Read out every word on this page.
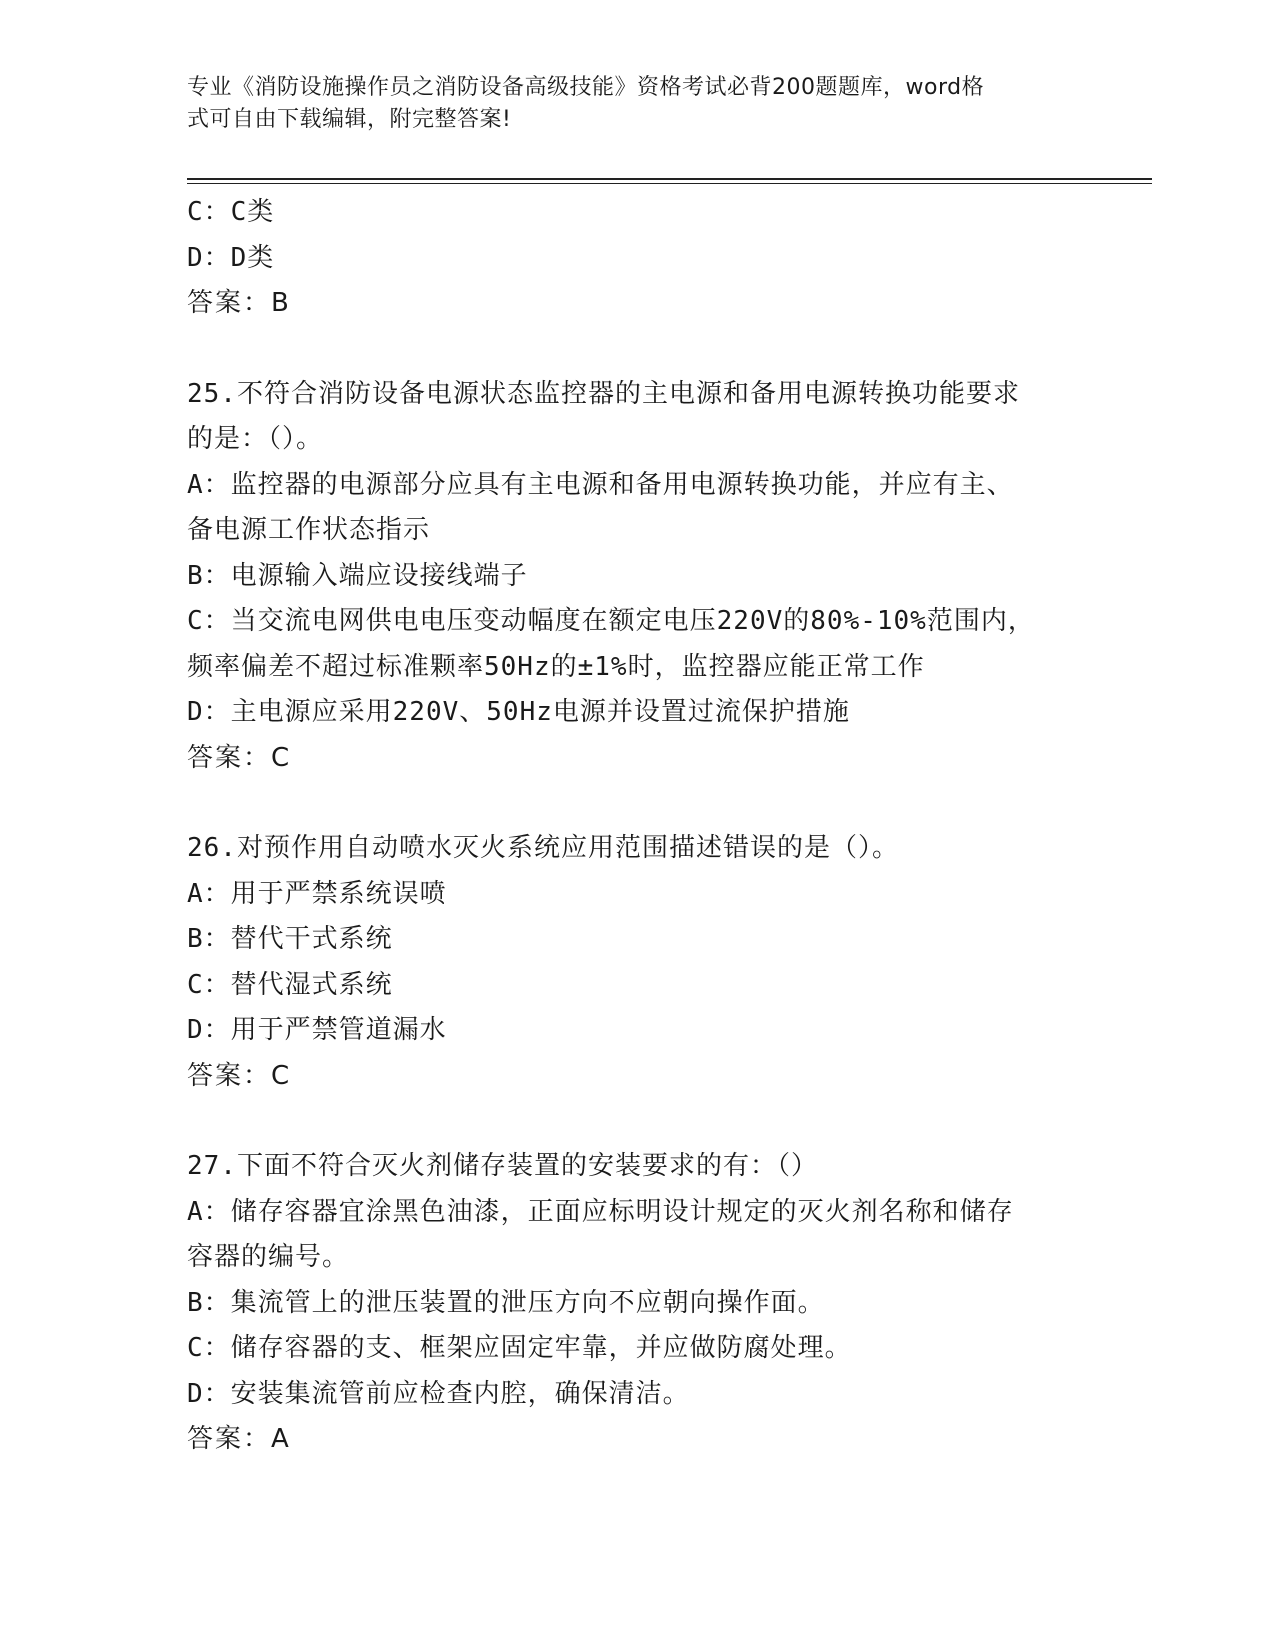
专业《消防设施操作员之消防设备高级技能》资格考试必背200题题库，word格
式可自由下载编辑，附完整答案!
C：C类
D：D类
答案：B
25.不符合消防设备电源状态监控器的主电源和备用电源转换功能要求
的是：（）。
A：监控器的电源部分应具有主电源和备用电源转换功能，并应有主、
备电源工作状态指示
B：电源输入端应设接线端子
C：当交流电网供电电压变动幅度在额定电压220V的80%-10%范围内，
频率偏差不超过标准颗率50Hz的±1%时，监控器应能正常工作
D：主电源应采用220V、50Hz电源并设置过流保护措施
答案：C
26.对预作用自动喷水灭火系统应用范围描述错误的是（）。
A：用于严禁系统误喷
B：替代干式系统
C：替代湿式系统
D：用于严禁管道漏水
答案：C
27.下面不符合灭火剂储存装置的安装要求的有：（）
A：储存容器宜涂黑色油漆，正面应标明设计规定的灭火剂名称和储存
容器的编号。
B：集流管上的泄压装置的泄压方向不应朝向操作面。
C：储存容器的支、框架应固定牢靠，并应做防腐处理。
D：安装集流管前应检查内腔，确保清洁。
答案：A
